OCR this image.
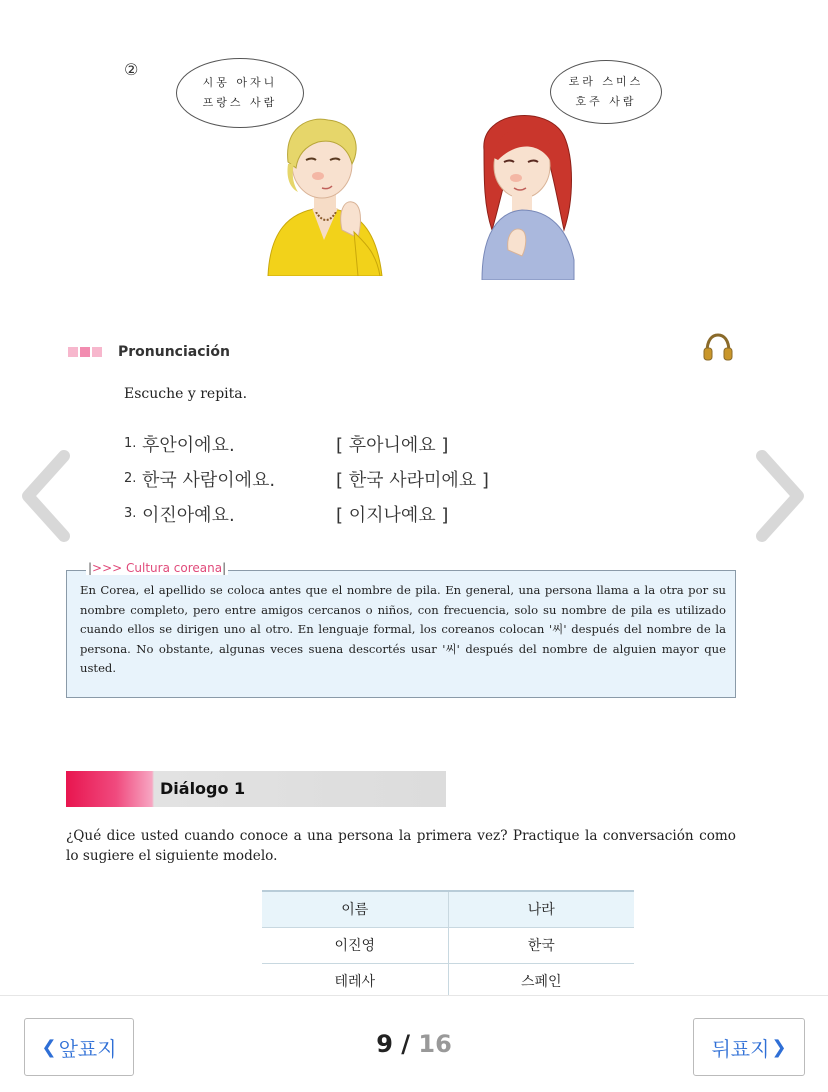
②
시몽 아자니
프랑스 사람
로라 스미스
호주 사람
Pronunciación
Escuche y repita.
1. 후안이에요.	[ 후아니에요 ]
2. 한국 사람이에요.	[ 한국 사라미에요 ]
3. 이진아예요.	[ 이지나예요 ]
|>>> Cultura coreana|
En Corea, el apellido se coloca antes que el nombre de pila. En general, una persona llama a la otra por su nombre completo, pero entre amigos cercanos o niños, con frecuencia, solo su nombre de pila es utilizado cuando ellos se dirigen uno al otro. En lenguaje formal, los coreanos colocan '씨' después del nombre de la persona. No obstante, algunas veces suena descortés usar '씨' después del nombre de alguien mayor que usted.
Diálogo 1
¿Qué dice usted cuando conoce a una persona la primera vez? Practique la conversación como lo sugiere el siguiente modelo.
이름	나라
이진영	한국
테레사	스페인
❮ 앞표지	9 / 16	뒤표지 ❯
